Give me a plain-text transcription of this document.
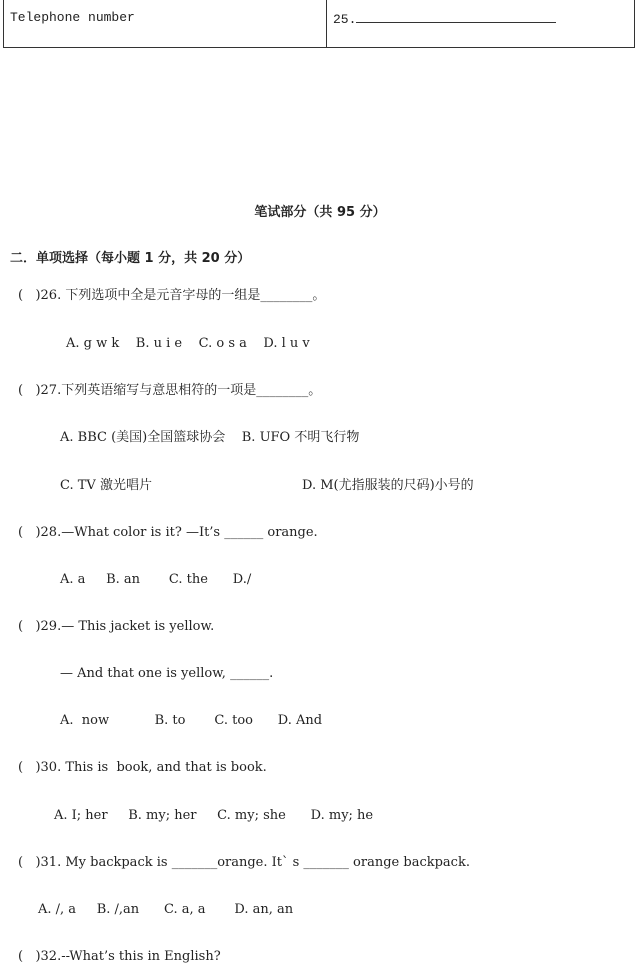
Telephone number	25.
笔试部分（共 95 分）
二．单项选择（每小题 1 分，共 20 分）
(   )26. 下列选项中全是元音字母的一组是________。
A. g w k    B. u i e    C. o s a    D. l u v
(   )27.下列英语缩写与意思相符的一项是________。
A. BBC (美国)全国篮球协会    B. UFO 不明飞行物
C. TV 激光唱片	D. M(尤指服装的尺码)小号的
(   )28.—What color is it? —It’s ______ orange.
A. a     B. an       C. the      D./
(   )29.— This jacket is yellow.
— And that one is yellow, ______.
A.  now           B. to       C. too      D. And
(   )30. This is  book, and that is book.
A. I; her     B. my; her     C. my; she      D. my; he
(   )31. My backpack is _______orange. It` s _______ orange backpack.
A. /, a     B. /,an      C. a, a       D. an, an
(   )32.--What’s this in English?
